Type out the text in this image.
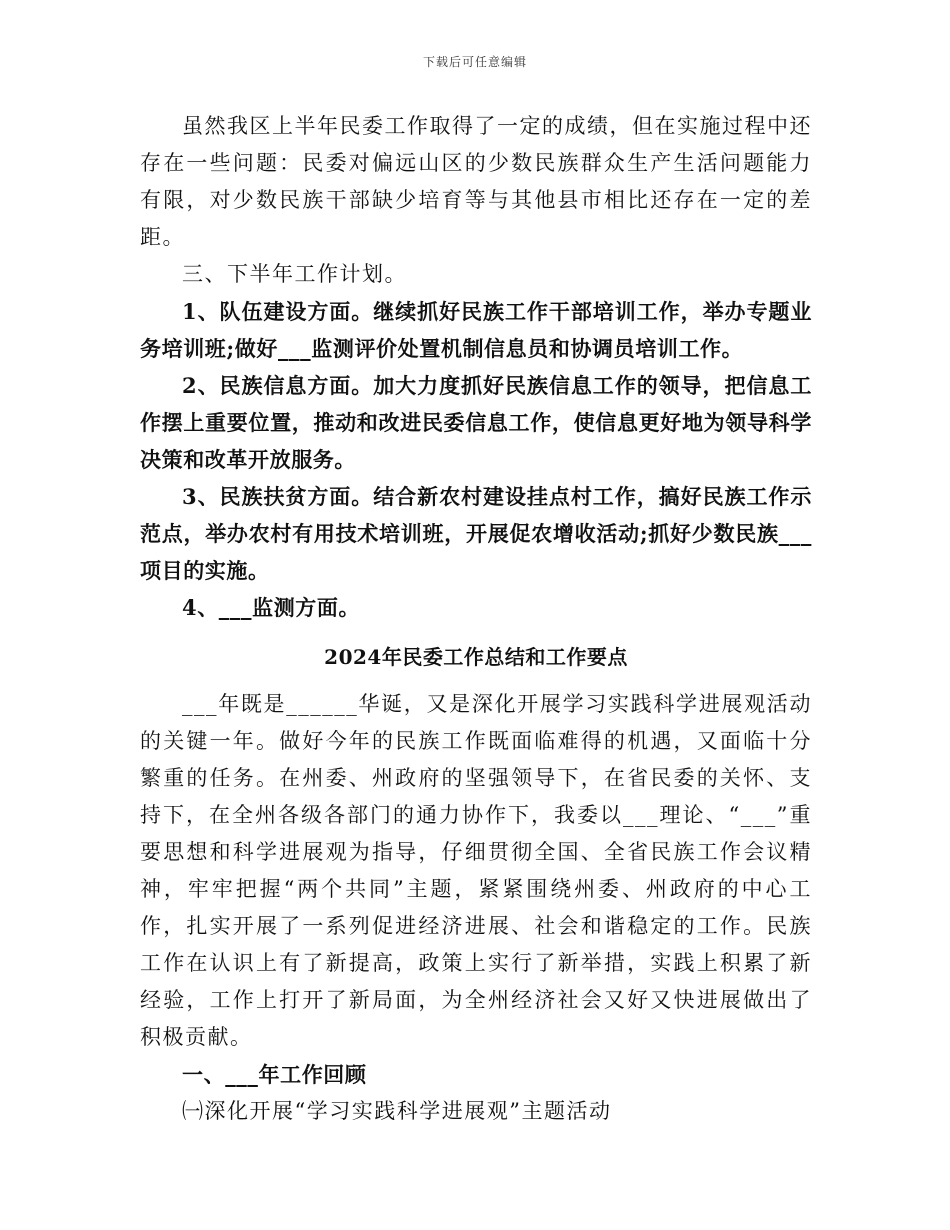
下载后可任意编辑

虽然我区上半年民委工作取得了一定的成绩，但在实施过程中还存在一些问题：民委对偏远山区的少数民族群众生产生活问题能力有限，对少数民族干部缺少培育等与其他县市相比还存在一定的差距。

三、下半年工作计划。

1、队伍建设方面。继续抓好民族工作干部培训工作，举办专题业务培训班;做好___监测评价处置机制信息员和协调员培训工作。

2、民族信息方面。加大力度抓好民族信息工作的领导，把信息工作摆上重要位置，推动和改进民委信息工作，使信息更好地为领导科学决策和改革开放服务。

3、民族扶贫方面。结合新农村建设挂点村工作，搞好民族工作示范点，举办农村有用技术培训班，开展促农增收活动;抓好少数民族___项目的实施。

4、___监测方面。

2024年民委工作总结和工作要点

___年既是______华诞，又是深化开展学习实践科学进展观活动的关键一年。做好今年的民族工作既面临难得的机遇，又面临十分繁重的任务。在州委、州政府的坚强领导下，在省民委的关怀、支持下，在全州各级各部门的通力协作下，我委以___理论、“___”重要思想和科学进展观为指导，仔细贯彻全国、全省民族工作会议精神，牢牢把握“两个共同”主题，紧紧围绕州委、州政府的中心工作，扎实开展了一系列促进经济进展、社会和谐稳定的工作。民族工作在认识上有了新提高，政策上实行了新举措，实践上积累了新经验，工作上打开了新局面，为全州经济社会又好又快进展做出了积极贡献。

一、___年工作回顾

㈠深化开展“学习实践科学进展观”主题活动
